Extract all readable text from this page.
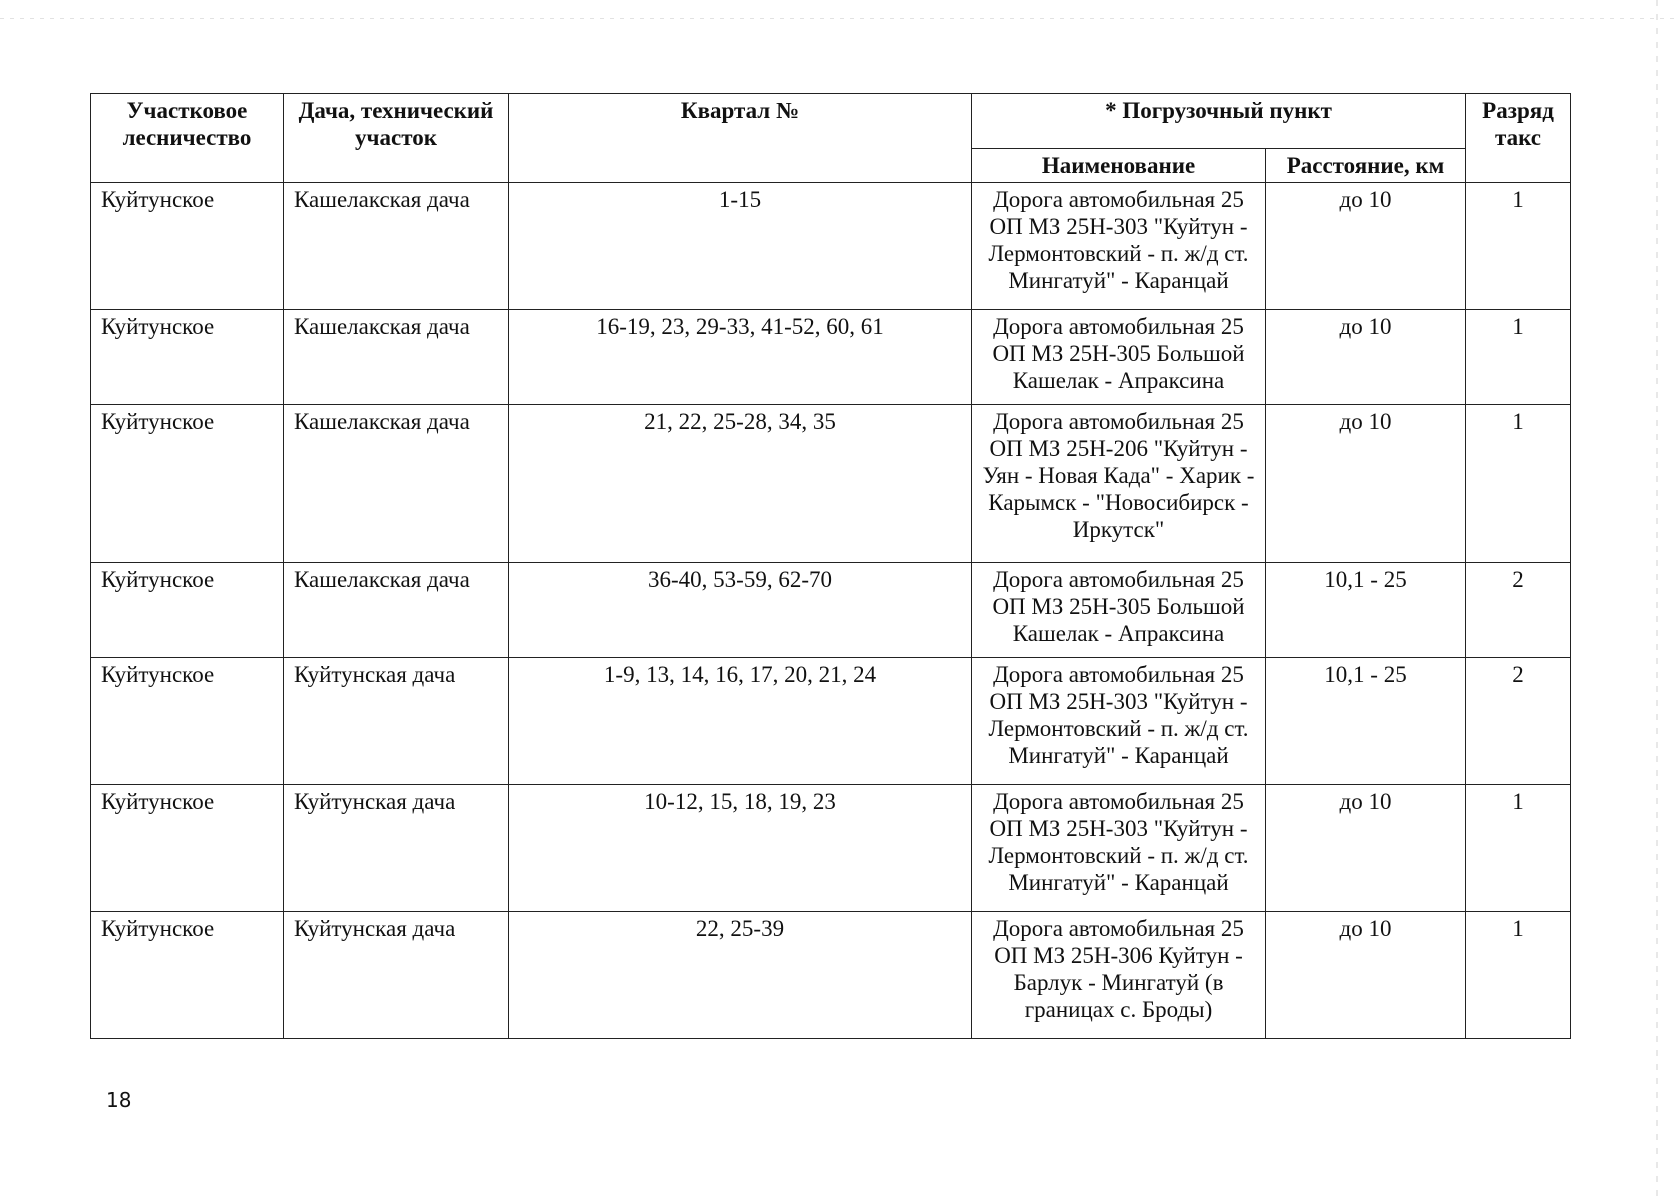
Участковое лесничество	Дача, технический участок	Квартал №	* Погрузочный пункт		Разряд такс
			Наименование	Расстояние, км	
Куйтунское	Кашелакская дача	1-15	Дорога автомобильная 25 ОП МЗ 25Н-303 "Куйтун - Лермонтовский - п. ж/д ст. Мингатуй" - Каранцай	до 10	1
Куйтунское	Кашелакская дача	16-19, 23, 29-33, 41-52, 60, 61	Дорога автомобильная 25 ОП МЗ 25Н-305 Большой Кашелак - Апраксина	до 10	1
Куйтунское	Кашелакская дача	21, 22, 25-28, 34, 35	Дорога автомобильная 25 ОП МЗ 25Н-206 "Куйтун - Уян - Новая Када" - Харик - Карымск - "Новосибирск - Иркутск"	до 10	1
Куйтунское	Кашелакская дача	36-40, 53-59, 62-70	Дорога автомобильная 25 ОП МЗ 25Н-305 Большой Кашелак - Апраксина	10,1 - 25	2
Куйтунское	Куйтунская дача	1-9, 13, 14, 16, 17, 20, 21, 24	Дорога автомобильная 25 ОП МЗ 25Н-303 "Куйтун - Лермонтовский - п. ж/д ст. Мингатуй" - Каранцай	10,1 - 25	2
Куйтунское	Куйтунская дача	10-12, 15, 18, 19, 23	Дорога автомобильная 25 ОП МЗ 25Н-303 "Куйтун - Лермонтовский - п. ж/д ст. Мингатуй" - Каранцай	до 10	1
Куйтунское	Куйтунская дача	22, 25-39	Дорога автомобильная 25 ОП МЗ 25Н-306 Куйтун - Барлук - Мингатуй (в границах с. Броды)	до 10	1
18
